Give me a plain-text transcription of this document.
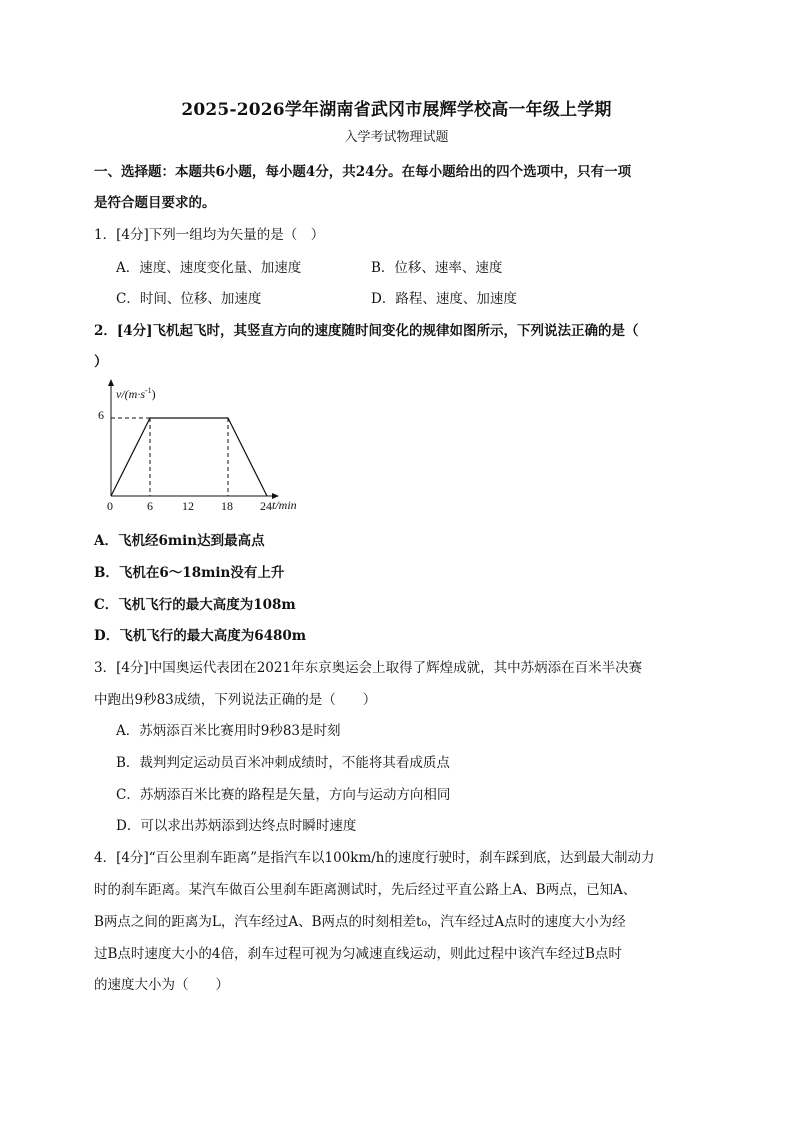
2025-2026学年湖南省武冈市展辉学校高一年级上学期
入学考试物理试题
一、选择题：本题共6小题，每小题4分，共24分。在每小题给出的四个选项中，只有一项
是符合题目要求的。
1．[4分]下列一组均为矢量的是（　）
A．速度、速度变化量、加速度	B．位移、速率、速度
C．时间、位移、加速度	D．路程、速度、加速度
2．[4分]飞机起飞时，其竖直方向的速度随时间变化的规律如图所示，下列说法正确的是（
）
$v/(m\cdot s^{-1})$
t/min
6
0	6 12 18 24
A．飞机经6min达到最高点
B．飞机在6～18min没有上升
C．飞机飞行的最大高度为108m
D．飞机飞行的最大高度为6480m
3．[4分]中国奥运代表团在2021年东京奥运会上取得了辉煌成就，其中苏炳添在百米半决赛
中跑出9秒83成绩，下列说法正确的是（　　）
A．苏炳添百米比赛用时9秒83是时刻
B．裁判判定运动员百米冲刺成绩时，不能将其看成质点
C．苏炳添百米比赛的路程是矢量，方向与运动方向相同
D．可以求出苏炳添到达终点时瞬时速度
4．[4分]“百公里刹车距离”是指汽车以100km/h的速度行驶时，刹车踩到底，达到最大制动力
时的刹车距离。某汽车做百公里刹车距离测试时，先后经过平直公路上A、B两点，已知A、
B两点之间的距离为L，汽车经过A、B两点的时刻相差t₀，汽车经过A点时的速度大小为经
过B点时速度大小的4倍，刹车过程可视为匀减速直线运动，则此过程中该汽车经过B点时
的速度大小为（　　）
